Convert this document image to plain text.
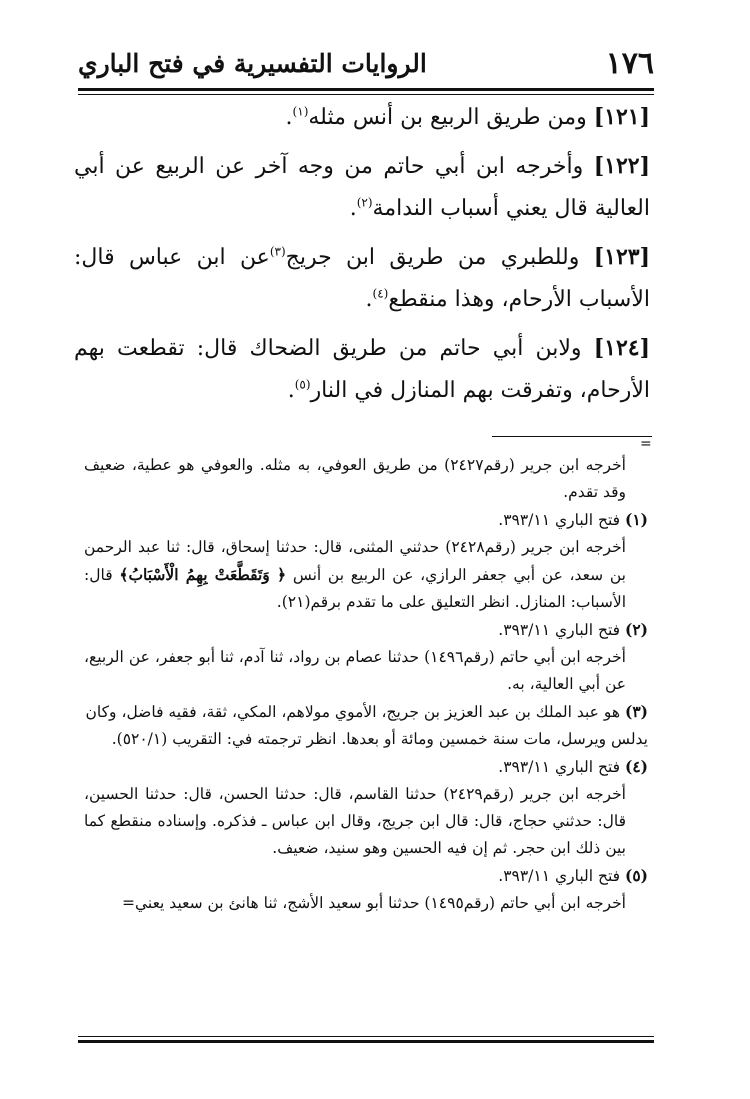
١٧٦
الروايات التفسيرية في فتح الباري

[١٢١] ومن طريق الربيع بن أنس مثله$^{(١)}$.

[١٢٢] وأخرجه ابن أبي حاتم من وجه آخر عن الربيع عن أبي العالية قال يعني أسباب الندامة$^{(٢)}$.

[١٢٣] وللطبري من طريق ابن جريج$^{(٣)}$عن ابن عباس قال: الأسباب الأرحام، وهذا منقطع$^{(٤)}$.

[١٢٤] ولابن أبي حاتم من طريق الضحاك قال: تقطعت بهم الأرحام، وتفرقت بهم المنازل في النار$^{(٥)}$.

=
أخرجه ابن جرير (رقم٢٤٢٧) من طريق العوفي، به مثله. والعوفي هو عطية، ضعيف وقد تقدم.
(١) فتح الباري ٣٩٣/١١.
أخرجه ابن جرير (رقم٢٤٢٨) حدثني المثنى، قال: حدثنا إسحاق، قال: ثنا عبد الرحمن بن سعد، عن أبي جعفر الرازي، عن الربيع بن أنس ﴿ وَتَقَطَّعَتْ بِهِمُ الْأَسْبَابُ﴾ قال: الأسباب: المنازل. انظر التعليق على ما تقدم برقم(٢١).
(٢) فتح الباري ٣٩٣/١١.
أخرجه ابن أبي حاتم (رقم١٤٩٦) حدثنا عصام بن رواد، ثنا آدم، ثنا أبو جعفر، عن الربيع، عن أبي العالية، به.
(٣) هو عبد الملك بن عبد العزيز بن جريج، الأموي مولاهم، المكي، ثقة، فقيه فاضل، وكان يدلس ويرسل، مات سنة خمسين ومائة أو بعدها. انظر ترجمته في: التقريب (٥٢٠/١).
(٤) فتح الباري ٣٩٣/١١.
أخرجه ابن جرير (رقم٢٤٢٩) حدثنا القاسم، قال: حدثنا الحسن، قال: حدثنا الحسين، قال: حدثني حجاج، قال: قال ابن جريج، وقال ابن عباس ـ فذكره. وإسناده منقطع كما بين ذلك ابن حجر. ثم إن فيه الحسين وهو سنيد، ضعيف.
(٥) فتح الباري ٣٩٣/١١.
أخرجه ابن أبي حاتم (رقم١٤٩٥) حدثنا أبو سعيد الأشج، ثنا هانئ بن سعيد يعني=
